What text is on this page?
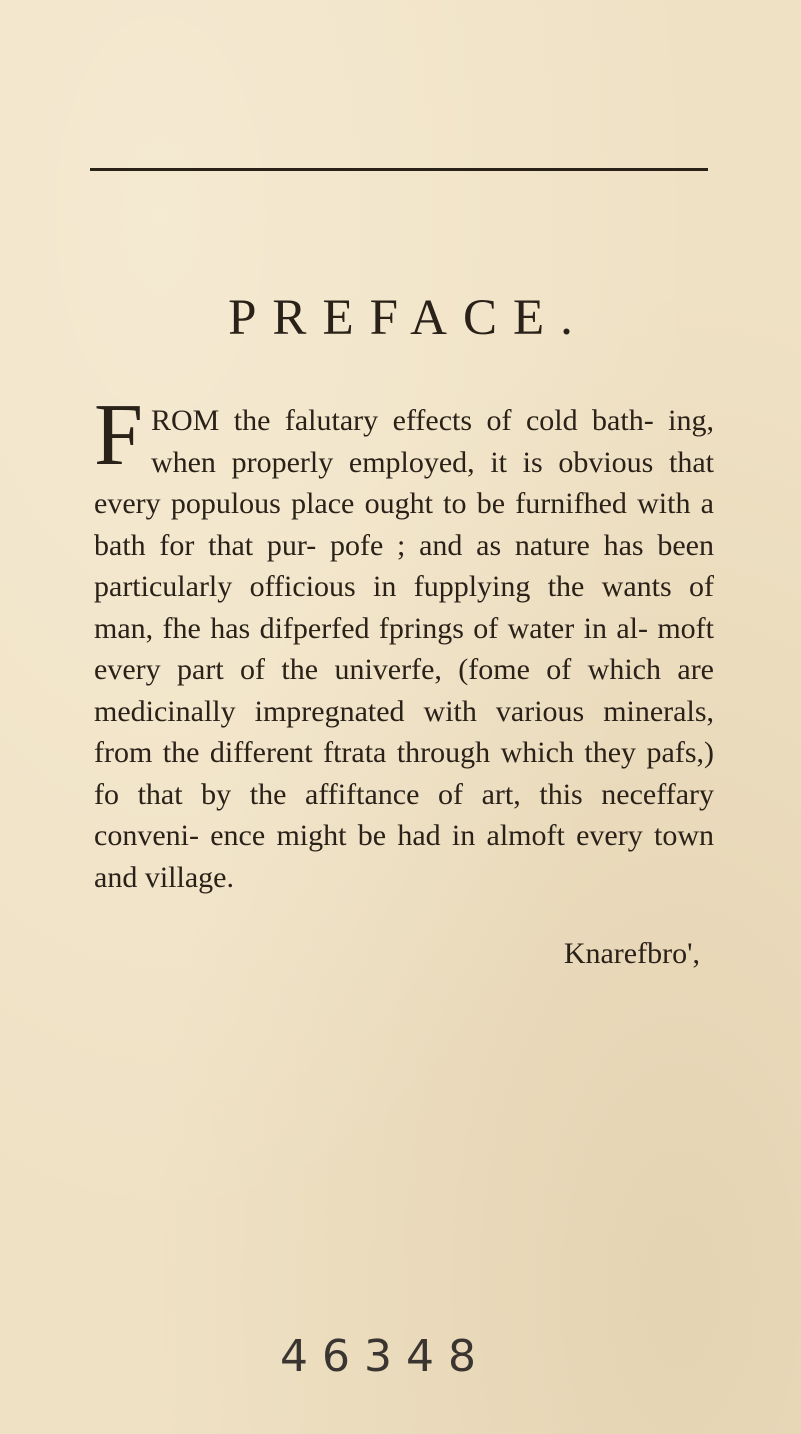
PREFACE.
F ROM the falutary effects of cold bath- ing, when properly employed, it is obvious that every populous place ought to be furnifhed with a bath for that pur- pofe ; and as nature has been particularly officious in fupplying the wants of man, fhe has difperfed fprings of water in al- moft every part of the univerfe, (fome of which are medicinally impregnated with various minerals, from the different ftrata through which they pafs,) fo that by the affiftance of art, this neceffary conveni- ence might be had in almoft every town and village.
Knarefbro',
46348
